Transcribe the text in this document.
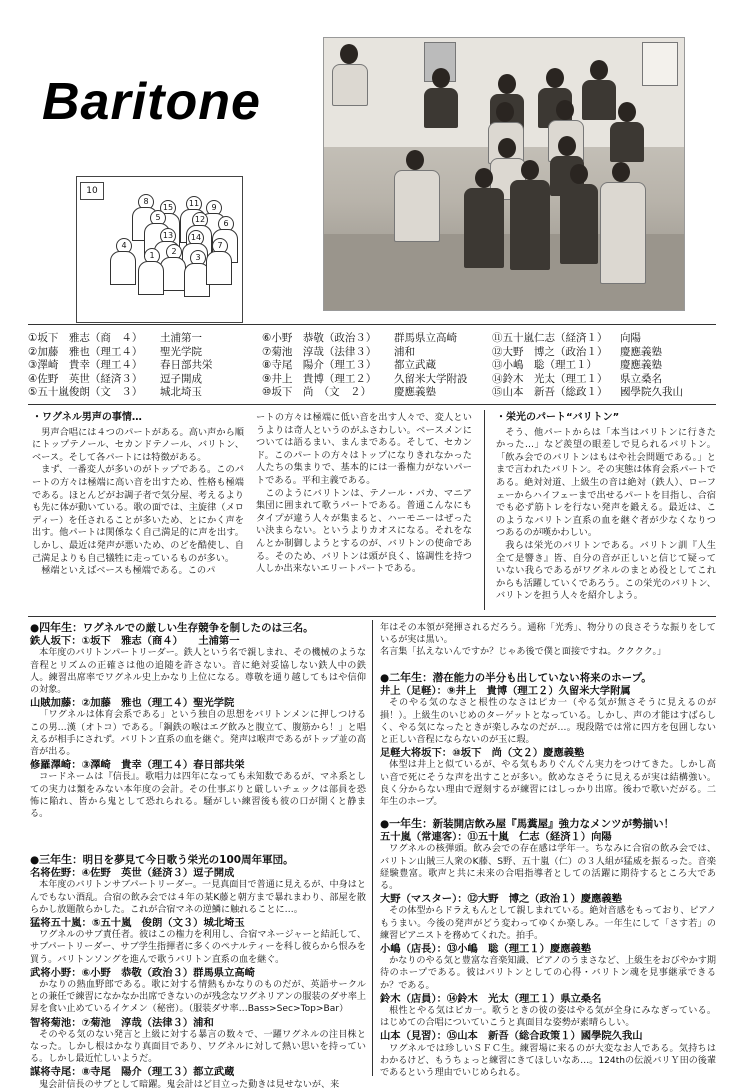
Baritone
10
8
15	11	9
5	12	6
13	14
2
4
1	3
7
①坂下　雅志（商　４） 土浦第一
②加藤　雅也（理工４） 聖光学院
③澤崎　貴幸（理工４） 春日部共栄
④佐野　英世（経済３） 逗子開成
⑤五十嵐俊朗（文　３） 城北埼玉
⑥小野　恭敬（政治３） 群馬県立高崎
⑦菊池　淳哉（法律３） 浦和
⑧寺尾　陽介（理工３） 都立武蔵
⑨井上　貴博（理工２） 久留米大学附設
⑩坂下　尚　（文　２） 慶應義塾
⑪五十嵐仁志（経済１） 向陽
⑫大野　博之（政治１） 慶應義塾
⑬小嶋　聡（理工１） 慶應義塾
⑭鈴木　光太（理工１） 県立桑名
⑮山本　新吾（総政１） 國學院久我山
・ワグネル男声の事情…

男声合唱には４つのパートがある。高い声から順にトップテノール、セカンドテノール、バリトン、ベース。そして各パートには特徴がある。

まず、一番変人が多いのがトップである。このパートの方々は極端に高い音を出すため、性格も極端である。ほとんどがお調子者で気分屋、考えるよりも先に体が動いている。歌の面では、主旋律（メロディー）を任されることが多いため、とにかく声を出す。他パートは関係なく自己満足的に声を出す。しかし、最近は発声が悪いため、のどを酷使し、自己満足よりも自己犠牲に走っているものが多い。

極端といえばベースも極端である。このパ

ートの方々は極端に低い音を出す人々で、変人というよりは奇人というのがふさわしい。ベースメンについては語るまい、まんまである。そして、セカンド。このパートの方々はトップになりきれなかった人たちの集まりで、基本的には一番権力がないパートである。平和主義である。

このようにバリトンは、テノール・バカ、マニア集団に囲まれて歌うパートである。普通こんなにもタイプが違う人々が集まると、ハーモニーはぜったい決まらない。というよりカオスになる。それをなんとか制御しようとするのが、バリトンの使命である。そのため、バリトンは頭が良く、協調性を持つ人しか出来ないエリートパートである。

・栄光のパート“バリトン”

そう、他パートからは「本当はバリトンに行きたかった…」など羨望の眼差しで見られるバリトン。「飲み会でのバリトンはもはや社会問題である。」とまで言われたバリトン。その実態は体育会系パートである。絶対対道、上級生の音は絶対（鉄人）、ローフェーからハイフェーまで出せるパートを目指し、合宿でも必ず筋トレを行ない発声を鍛える。最近は、このようなバリトン直系の血を継ぐ者が少なくなりつつあるのが嘆かわしい。

我らは栄光のバリトンである。バリトン訓『人生全て是響き』皆、自分の音が正しいと信じて疑っていない我らであるがワグネルのまとめ役としてこれからも活躍していくであろう。この栄光のバリトン、バリトンを担う人々を紹介しよう。

●四年生：ワグネルでの厳しい生存競争を制したのは三名。
鉄人坂下：①坂下　雅志（商４）　　土浦第一
本年度のバリトンパートリーダー。鉄人という名で親しまれ、その機械のような音程とリズムの正確さは他の追随を許さない。音に絶対妥協しない鉄人中の鉄人。練習出席率でワグネル史上かなり上位になる。尊敬を通り越してもはや信仰の対象。
山賊加藤：②加藤　雅也（理工４）聖光学院
「ワグネルは体育会系である」という独自の思想をバリトンメンに押しつけるこの男…漢（オトコ）である。「鋼鉄の喉はエグ飲みと腹立て、腹筋から！」と唱えるが相手にされず。バリトン直系の血を継ぐ。発声は喉声であるがトップ並の高音が出る。
修羅澤崎：③澤崎　貴幸（理工４）春日部共栄
コードネームは『信長』。歌唱力は四年になっても未知数であるが、マネ系としての実力は類をみない本年度の会計。その仕事ぶりと厳しいチェックは部員を恐怖に陥れ、皆から鬼として恐れられる。騒がしい練習後も彼の口が開くと静まる。
●三年生：明日を夢見て今日歌う栄光の100周年軍団。
名将佐野：④佐野　英世（経済３）逗子開成
本年度のバリトンサブパートリーダー。一見真面目で普通に見えるが、中身はとんでもない酒乱。合宿の飲み会では４年の某K藤と朝方まで暴れまわり、部屋を散らかし放題散らかした。これが合宿マネの逆鱗に触れることに…。
猛将五十嵐：⑤五十嵐　俊朗（文３）城北埼玉
ワグネルのサブ責任者。彼はこの権力を利用し、合宿マネージャーと結託して、サブパートリーダー、サブ学生指揮者に多くのペナルティーを科し彼らから恨みを買う。バリトンソングを進んで歌うバリトン直系の血を継ぐ。
武将小野：⑥小野　恭敬（政治３）群馬県立高崎
かなりの熱血野郎である。歌に対する情熱もかなりのものだが、英語サークルとの兼任で練習になかなか出席できないのが残念なワグネリアンの服装のダサ率上昇を食い止めているイケメン（秘密）。（服装ダサ率…Bass>Sec>Top>Bar）
智将菊池：⑦菊池　淳哉（法律３）浦和
そのやる気のない発言と上級に対する暴言の数々で、一躍ワグネルの注目株となった。しかし根はかなり真面目であり、ワグネルに対して熱い思いを持っている。しかし最近忙しいようだ。
謀将寺尾：⑧寺尾　陽介（理工３）都立武蔵
鬼会計信長のサブとして暗躍。鬼会計はど目立った動きは見せないが、来
年はその本領が発揮されるだろう。通称「光秀」、物分りの良さそうな振りをしているが実は黒い。
名言集「払えないんですか？じゃあ後で僕と面接ですね。クククク。」
●二年生：潜在能力の半分も出していない将来のホープ。
井上（足軽）：⑨井上　貴博（理工２）久留米大学附属
そのやる気のなさと根性のなさはピカ一（やる気が無さそうに見えるのが損！）。上級生のいじめのターゲットとなっている。しかし、声の才能はすばらしく、やる気になったときが楽しみなのだが…。現段階では常に四方を包囲しないと正しい音程にならないのが玉に瑕。
足軽大将坂下：⑩坂下　尚（文２）慶應義塾
体型は井上と似ているが、やる気もありぐんぐん実力をつけてきた。しかし高い音で死にそうな声を出すことが多い。飲めなさそうに見えるが実は結構強い。良く分からない理由で遅刻するが練習にはしっかり出席。後わで歌いだがる。二年生のホープ。
●一年生：新装開店飲み屋『馬糞屋』強力なメンツが勢揃い！
五十嵐（常連客）：⑪五十嵐　仁志（経済１）向陽
ワグネルの核弾頭。飲み会での存在感は学年一。ちなみに合宿の飲み会では、バリトン山賊三人衆のK藤、S野、五十嵐（仁）の３人組が猛威を振るった。音楽経験豊富。歌声と共に未来の合唱指導者としての活躍に期待するところ大である。
大野（マスター）：⑫大野　博之（政治１）慶應義塾
その体型からドラえもんとして親しまれている。絶対音感をもっており、ピアノもうまい。今後の発声がどう変わってゆくか楽しみ。一年生にして「さす若」の練習ピアニストを務めてくれた。拍手。
小嶋（店長）：⑬小嶋　聡（理工１）慶應義塾
かなりのやる気と豊富な音楽知識、ピアノのうまさなど、上級生をおびやかす期待のホープである。彼はバリトンとしての心得・バリトン魂を見事継承できるか？である。
鈴木（店員）：⑭鈴木　光太（理工１）県立桑名
根性とやる気はピカ一。歌うときの彼の姿はやる気が全身にみなぎっている。はじめての合唱についていこうと真面目な姿勢が素晴らしい。
山本（見習）：⑮山本　新吾（総合政策１）國學院久我山
ワグネルでは珍しいＳＦＣ生。練習場に来るのが大変なお人である。気持ちはわかるけど、もうちょっと練習にきてほしいなあ…。124thの伝説バリＹ田の後輩であるという理由でいじめられる。
